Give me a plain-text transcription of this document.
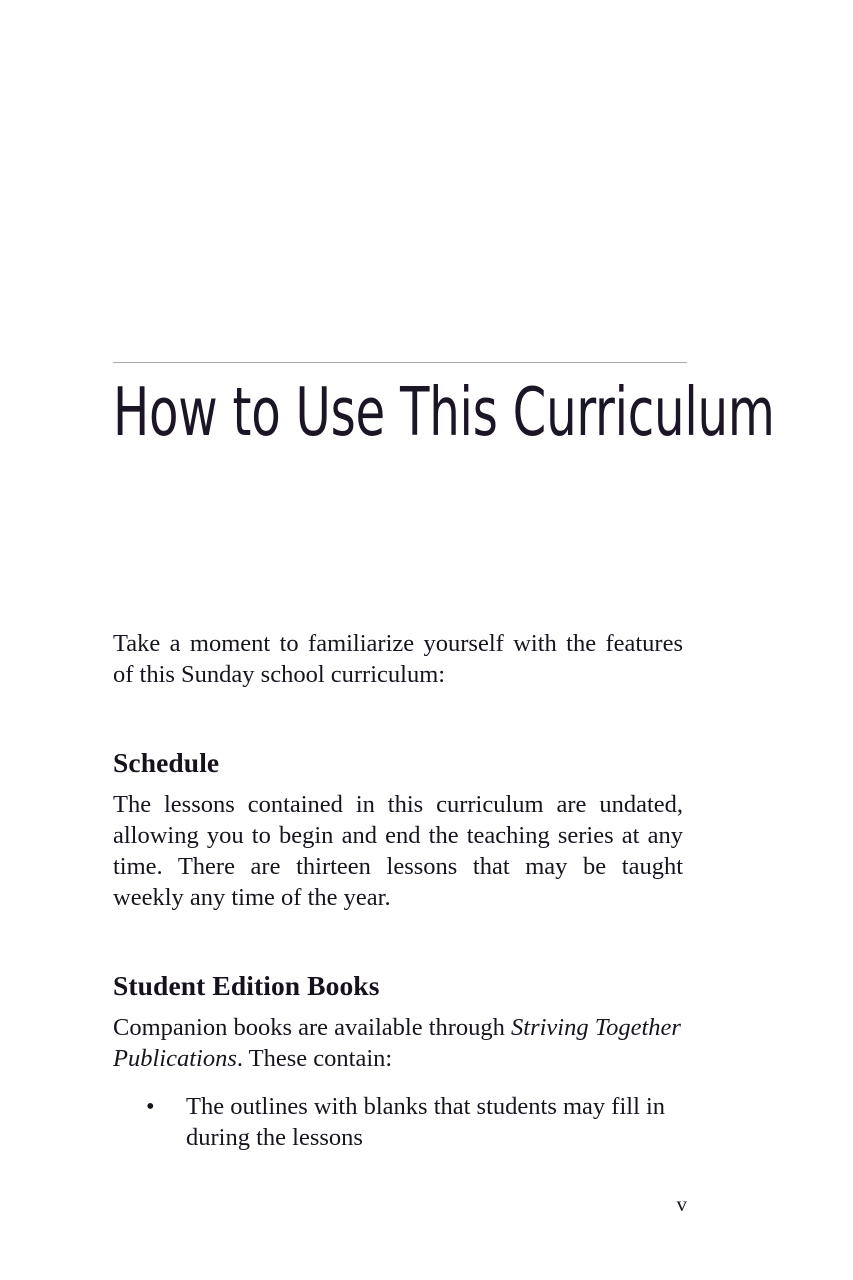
How to Use This Curriculum

Take a moment to familiarize yourself with the features of this Sunday school curriculum:

Schedule

The lessons contained in this curriculum are undated, allowing you to begin and end the teaching series at any time. There are thirteen lessons that may be taught weekly any time of the year.

Student Edition Books

Companion books are available through Striving Together Publications. These contain:

• The outlines with blanks that students may fill in during the lessons
v
